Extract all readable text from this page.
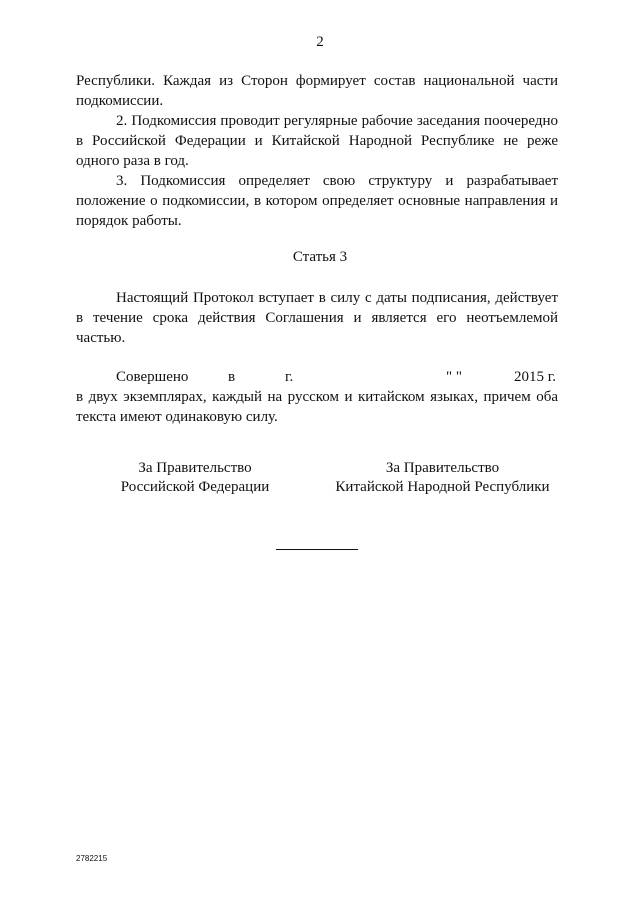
2

Республики. Каждая из Сторон формирует состав национальной части подкомиссии.

2. Подкомиссия проводит регулярные рабочие заседания поочередно в Российской Федерации и Китайской Народной Республике не реже одного раза в год.

3. Подкомиссия определяет свою структуру и разрабатывает положение о подкомиссии, в котором определяет основные направления и порядок работы.

Статья 3

Настоящий Протокол вступает в силу с даты подписания, действует в течение срока действия Соглашения и является его неотъемлемой частью.

Совершено	в	г.	" "	2015 г.

в двух экземплярах, каждый на русском и китайском языках, причем оба текста имеют одинаковую силу.

За Правительство
Российской Федерации
За Правительство
Китайской Народной Республики
2782215
